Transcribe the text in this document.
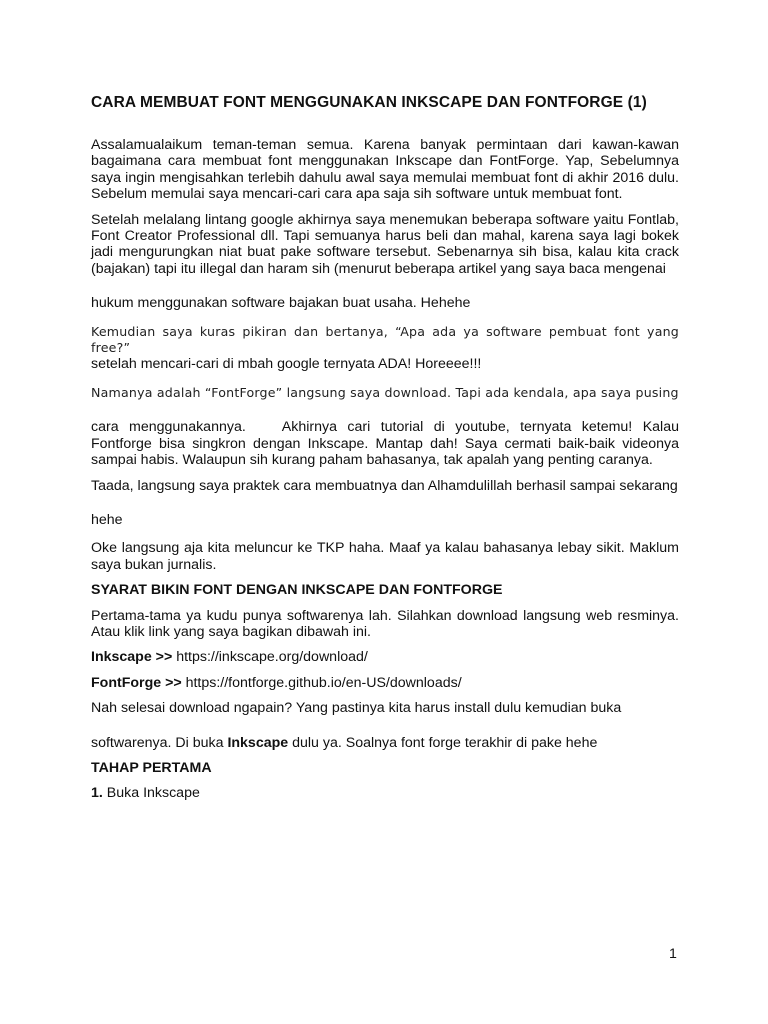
CARA MEMBUAT FONT MENGGUNAKAN INKSCAPE DAN FONTFORGE (1)

Assalamualaikum teman-teman semua. Karena banyak permintaan dari kawan-kawan bagaimana cara membuat font menggunakan Inkscape dan FontForge. Yap, Sebelumnya saya ingin mengisahkan terlebih dahulu awal saya memulai membuat font di akhir 2016 dulu. Sebelum memulai saya mencari-cari cara apa saja sih software untuk membuat font.

Setelah melalang lintang google akhirnya saya menemukan beberapa software yaitu Fontlab, Font Creator Professional dll. Tapi semuanya harus beli dan mahal, karena saya lagi bokek jadi mengurungkan niat buat pake software tersebut. Sebenarnya sih bisa, kalau kita crack (bajakan) tapi itu illegal dan haram sih (menurut beberapa artikel yang saya baca mengenai

hukum menggunakan software bajakan buat usaha. Hehehe

Kemudian saya kuras pikiran dan bertanya, “Apa ada ya software pembuat font yang free?”

setelah mencari-cari di mbah google ternyata ADA! Horeeee!!!

Namanya adalah “FontForge” langsung saya download. Tapi ada kendala, apa saya pusing

cara menggunakannya.	Akhirnya cari tutorial di youtube, ternyata ketemu! Kalau Fontforge bisa singkron dengan Inkscape. Mantap dah! Saya cermati baik-baik videonya sampai habis. Walaupun sih kurang paham bahasanya, tak apalah yang penting caranya.

Taada, langsung saya praktek cara membuatnya dan Alhamdulillah berhasil sampai sekarang

hehe

Oke langsung aja kita meluncur ke TKP haha. Maaf ya kalau bahasanya lebay sikit. Maklum saya bukan jurnalis.

SYARAT BIKIN FONT DENGAN INKSCAPE DAN FONTFORGE

Pertama-tama ya kudu punya softwarenya lah. Silahkan download langsung web resminya. Atau klik link yang saya bagikan dibawah ini.

Inkscape >> https://inkscape.org/download/

FontForge >> https://fontforge.github.io/en-US/downloads/

Nah selesai download ngapain? Yang pastinya kita harus install dulu kemudian buka

softwarenya. Di buka Inkscape dulu ya. Soalnya font forge terakhir di pake hehe

TAHAP PERTAMA

1. Buka Inkscape

1
